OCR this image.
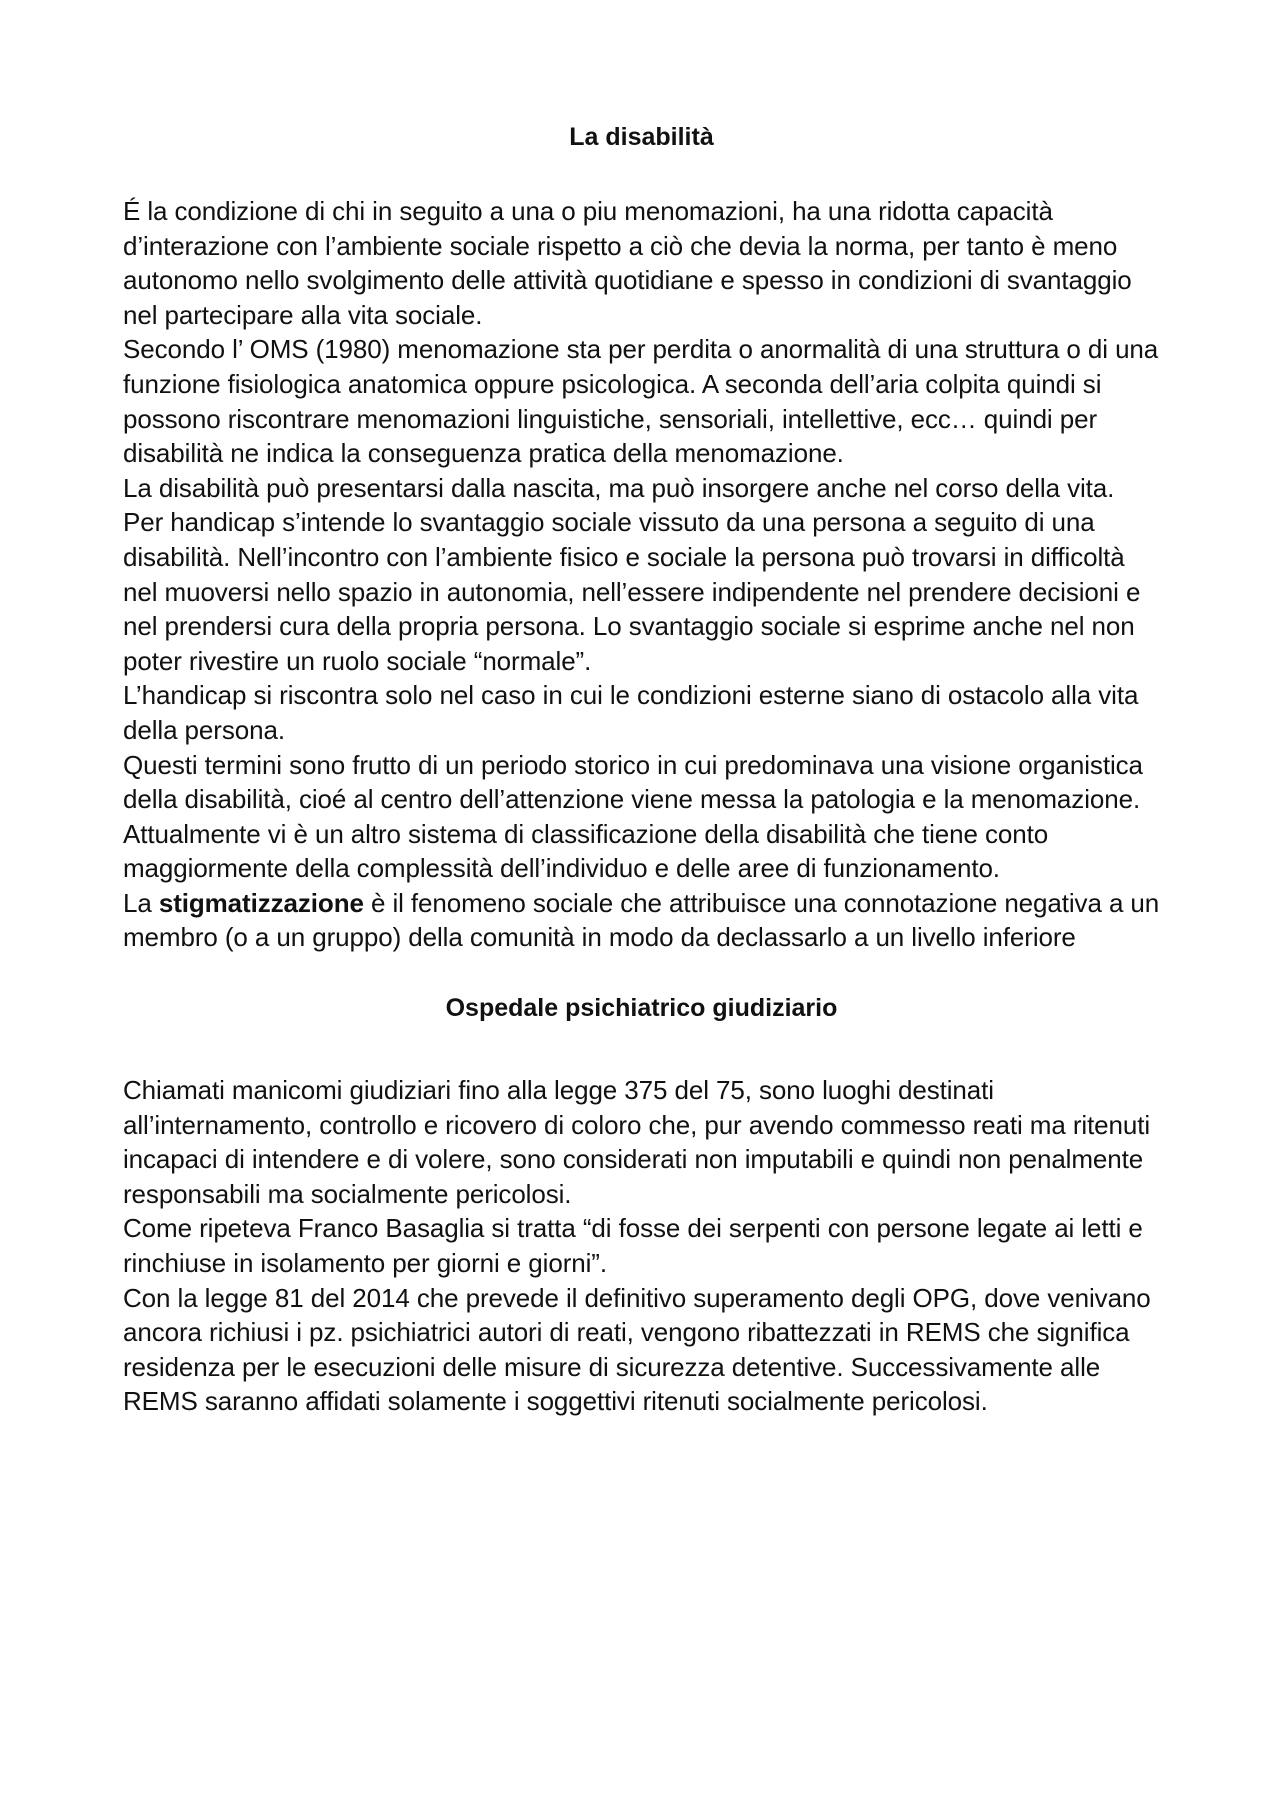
La disabilità

É la condizione di chi in seguito a una o piu menomazioni, ha una ridotta capacità d’interazione con l’ambiente sociale rispetto a ciò che devia la norma, per tanto è meno autonomo nello svolgimento delle attività quotidiane e spesso in condizioni di svantaggio nel partecipare alla vita sociale.

Secondo l’ OMS (1980) menomazione sta per perdita o anormalità di una struttura o di una funzione fisiologica anatomica oppure psicologica. A seconda dell’aria colpita quindi si possono riscontrare menomazioni linguistiche, sensoriali, intellettive, ecc… quindi per disabilità ne indica la conseguenza pratica della menomazione.

La disabilità può presentarsi dalla nascita, ma può insorgere anche nel corso della vita.

Per handicap s’intende lo svantaggio sociale vissuto da una persona a seguito di una disabilità. Nell’incontro con l’ambiente fisico e sociale la persona può trovarsi in difficoltà nel muoversi nello spazio in autonomia, nell’essere indipendente nel prendere decisioni e nel prendersi cura della propria persona. Lo svantaggio sociale si esprime anche nel non poter rivestire un ruolo sociale “normale”.

L’handicap si riscontra solo nel caso in cui le condizioni esterne siano di ostacolo alla vita della persona.

Questi termini sono frutto di un periodo storico in cui predominava una visione organistica della disabilità, cioé al centro dell’attenzione viene messa la patologia e la menomazione. Attualmente vi è un altro sistema di classificazione della disabilità che tiene conto maggiormente della complessità dell’individuo e delle aree di funzionamento.

La stigmatizzazione è il fenomeno sociale che attribuisce una connotazione negativa a un membro (o a un gruppo) della comunità in modo da declassarlo a un livello inferiore

Ospedale psichiatrico giudiziario

Chiamati manicomi giudiziari fino alla legge 375 del 75, sono luoghi destinati all’internamento, controllo e ricovero di coloro che, pur avendo commesso reati ma ritenuti incapaci di intendere e di volere, sono considerati non imputabili e quindi non penalmente responsabili ma socialmente pericolosi.

Come ripeteva Franco Basaglia si tratta “di fosse dei serpenti con persone legate ai letti e rinchiuse in isolamento per giorni e giorni”.

Con la legge 81 del 2014 che prevede il definitivo superamento degli OPG, dove venivano ancora richiusi i pz. psichiatrici autori di reati, vengono ribattezzati in REMS che significa residenza per le esecuzioni delle misure di sicurezza detentive. Successivamente alle REMS saranno affidati solamente i soggettivi ritenuti socialmente pericolosi.
